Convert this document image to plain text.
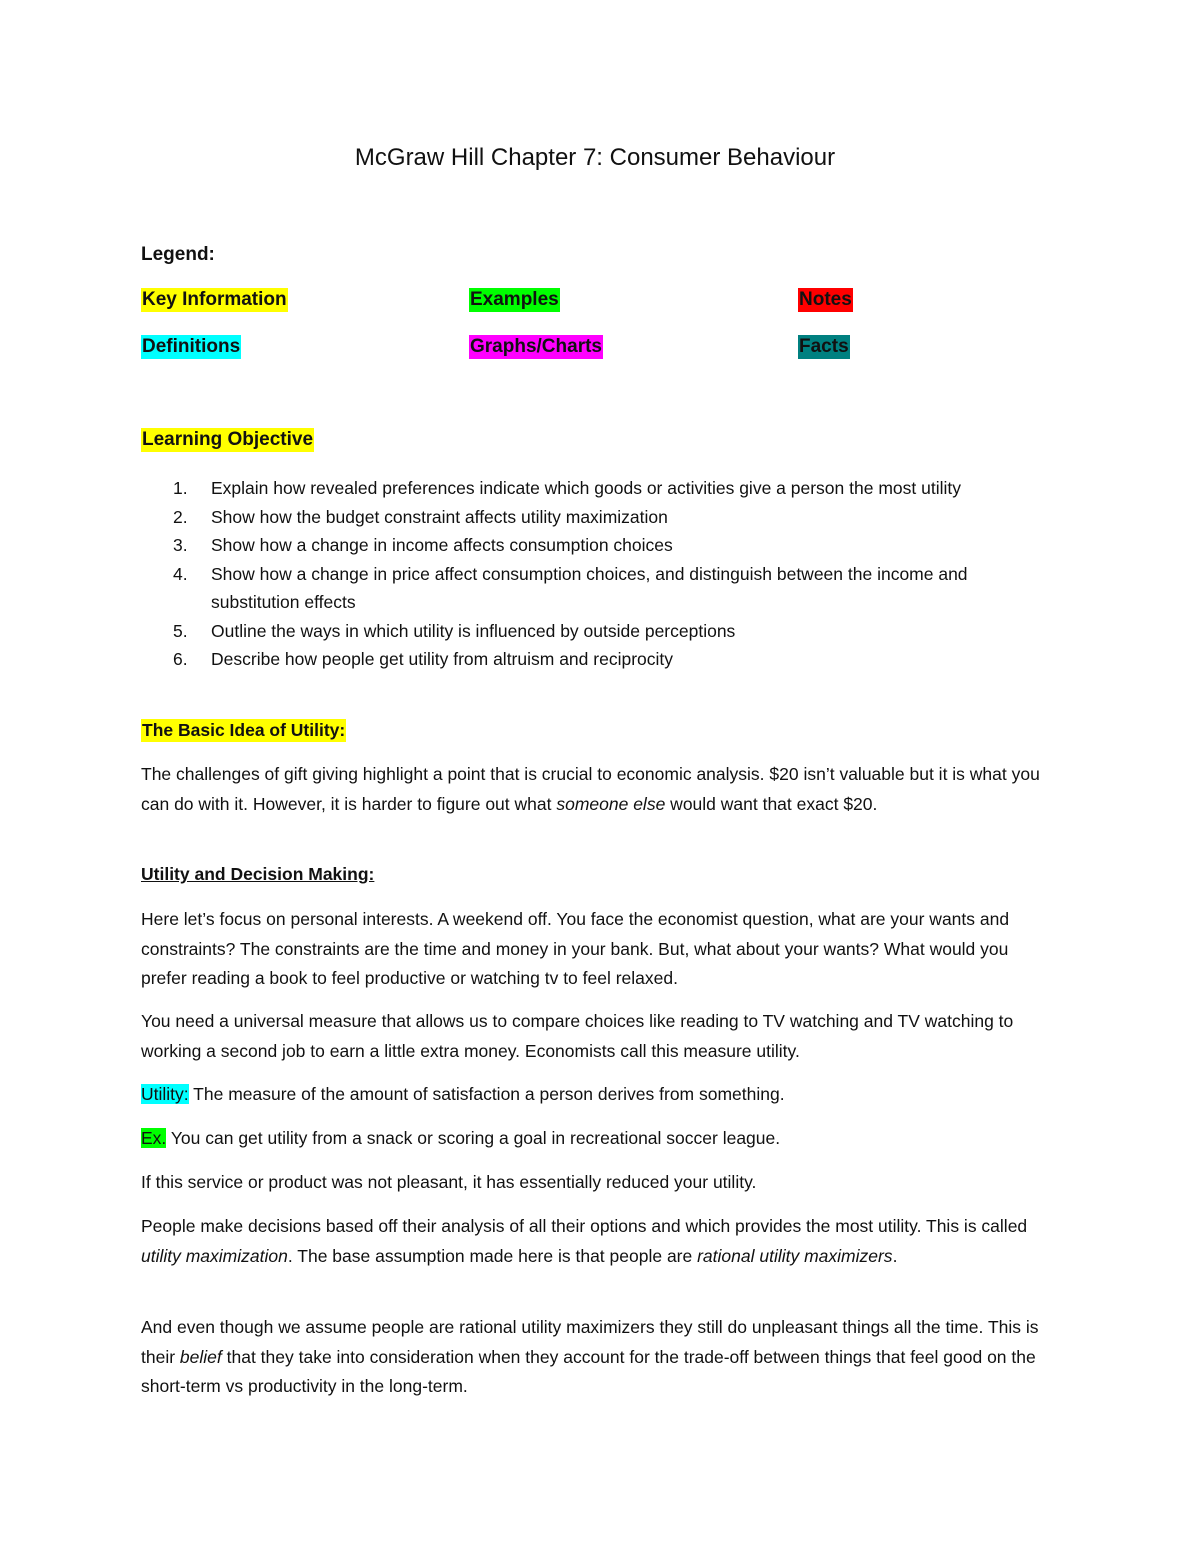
McGraw Hill Chapter 7: Consumer Behaviour
Legend:
Key Information	Examples	Notes
Definitions	Graphs/Charts	Facts
Learning Objective
1. Explain how revealed preferences indicate which goods or activities give a person the most utility
2. Show how the budget constraint affects utility maximization
3. Show how a change in income affects consumption choices
4. Show how a change in price affect consumption choices, and distinguish between the income and substitution effects
5. Outline the ways in which utility is influenced by outside perceptions
6. Describe how people get utility from altruism and reciprocity
The Basic Idea of Utility:

The challenges of gift giving highlight a point that is crucial to economic analysis. $20 isn’t valuable but it is what you can do with it. However, it is harder to figure out what someone else would want that exact $20.

Utility and Decision Making:

Here let’s focus on personal interests. A weekend off. You face the economist question, what are your wants and constraints? The constraints are the time and money in your bank. But, what about your wants? What would you prefer reading a book to feel productive or watching tv to feel relaxed.

You need a universal measure that allows us to compare choices like reading to TV watching and TV watching to working a second job to earn a little extra money. Economists call this measure utility.

Utility: The measure of the amount of satisfaction a person derives from something.

Ex. You can get utility from a snack or scoring a goal in recreational soccer league.

If this service or product was not pleasant, it has essentially reduced your utility.

People make decisions based off their analysis of all their options and which provides the most utility. This is called utility maximization. The base assumption made here is that people are rational utility maximizers.

And even though we assume people are rational utility maximizers they still do unpleasant things all the time. This is their belief that they take into consideration when they account for the trade-off between things that feel good on the short-term vs productivity in the long-term.
